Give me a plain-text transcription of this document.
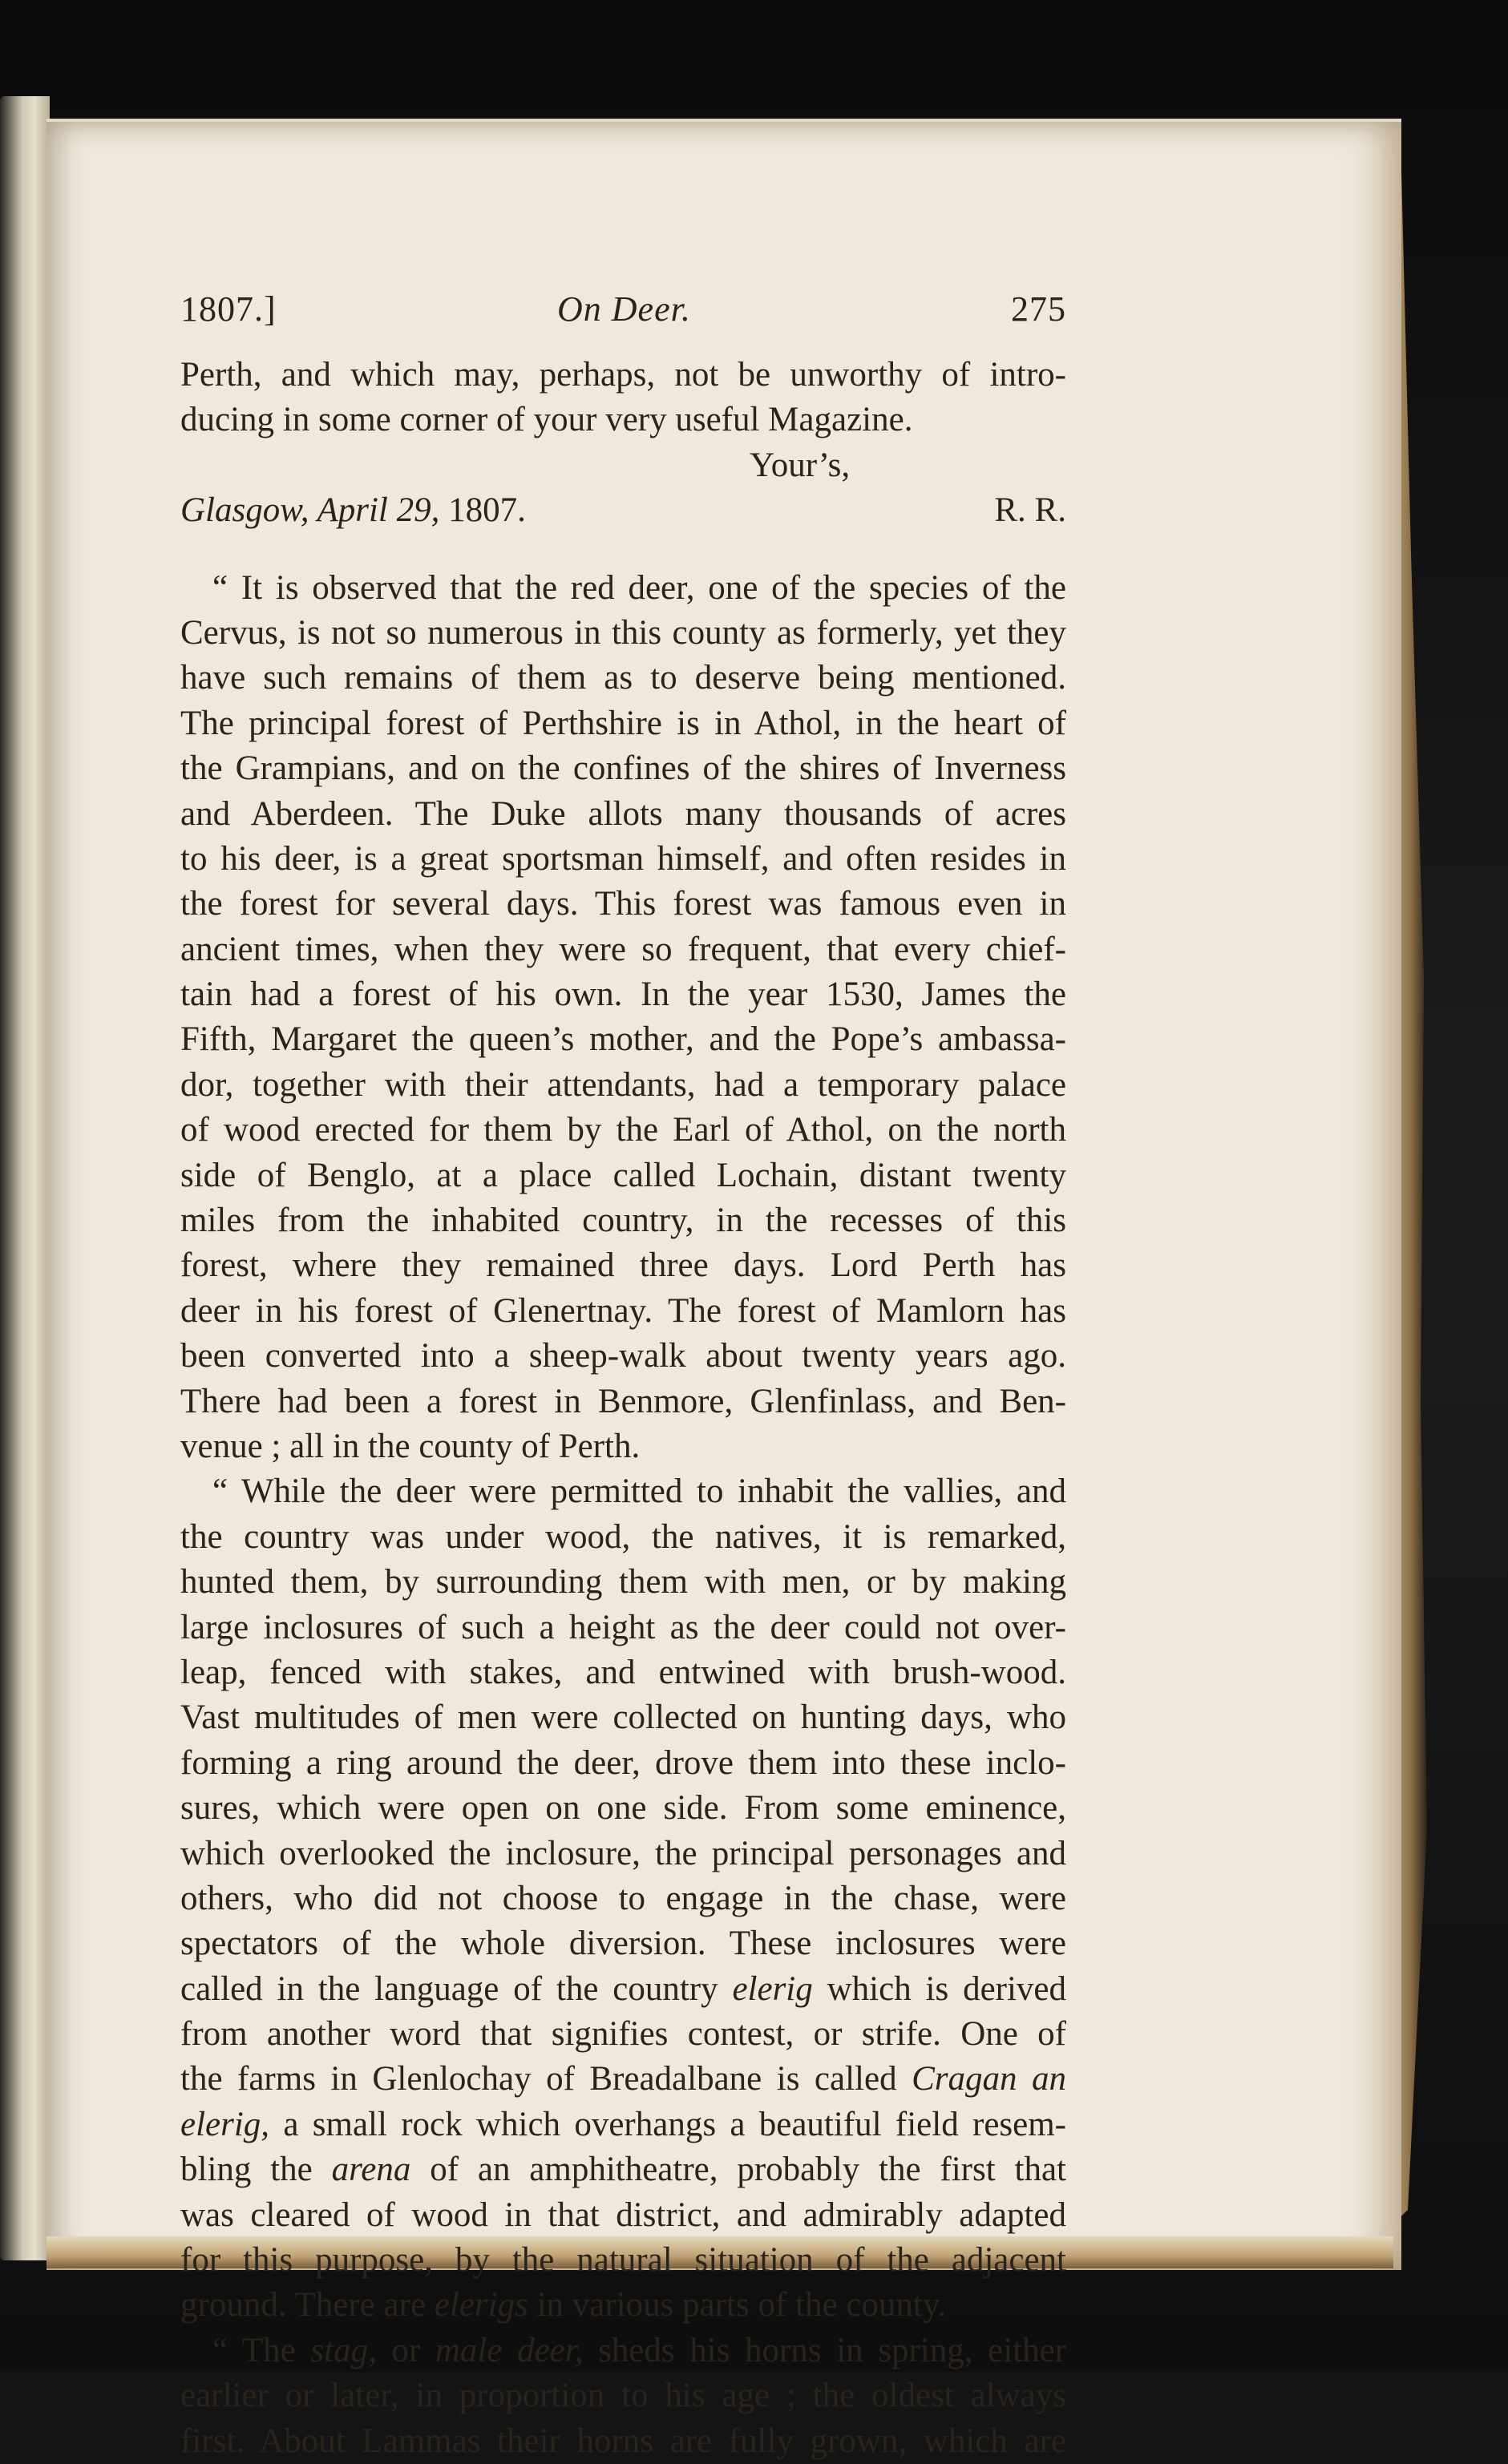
1807.]	On Deer.	275
Perth, and which may, perhaps, not be unworthy of intro-
ducing in some corner of your very useful Magazine.
Your’s,
Glasgow, April 29, 1807.	R. R.
“ It is observed that the red deer, one of the species of the
Cervus, is not so numerous in this county as formerly, yet they
have such remains of them as to deserve being mentioned.
The principal forest of Perthshire is in Athol, in the heart of
the Grampians, and on the confines of the shires of Inverness
and Aberdeen. The Duke allots many thousands of acres
to his deer, is a great sportsman himself, and often resides in
the forest for several days. This forest was famous even in
ancient times, when they were so frequent, that every chief-
tain had a forest of his own. In the year 1530, James the
Fifth, Margaret the queen’s mother, and the Pope’s ambassa-
dor, together with their attendants, had a temporary palace
of wood erected for them by the Earl of Athol, on the north
side of Benglo, at a place called Lochain, distant twenty
miles from the inhabited country, in the recesses of this
forest, where they remained three days. Lord Perth has
deer in his forest of Glenertnay. The forest of Mamlorn has
been converted into a sheep-walk about twenty years ago.
There had been a forest in Benmore, Glenfinlass, and Ben-
venue ; all in the county of Perth.
“ While the deer were permitted to inhabit the vallies, and
the country was under wood, the natives, it is remarked,
hunted them, by surrounding them with men, or by making
large inclosures of such a height as the deer could not over-
leap, fenced with stakes, and entwined with brush-wood.
Vast multitudes of men were collected on hunting days, who
forming a ring around the deer, drove them into these inclo-
sures, which were open on one side. From some eminence,
which overlooked the inclosure, the principal personages and
others, who did not choose to engage in the chase, were
spectators of the whole diversion. These inclosures were
called in the language of the country elerig which is derived
from another word that signifies contest, or strife. One of
the farms in Glenlochay of Breadalbane is called Cragan an
elerig, a small rock which overhangs a beautiful field resem-
bling the arena of an amphitheatre, probably the first that
was cleared of wood in that district, and admirably adapted
for this purpose, by the natural situation of the adjacent
ground. There are elerigs in various parts of the county.
“ The stag, or male deer, sheds his horns in spring, either
earlier or later, in proportion to his age ; the oldest always
first. About Lammas their horns are fully grown, which are
